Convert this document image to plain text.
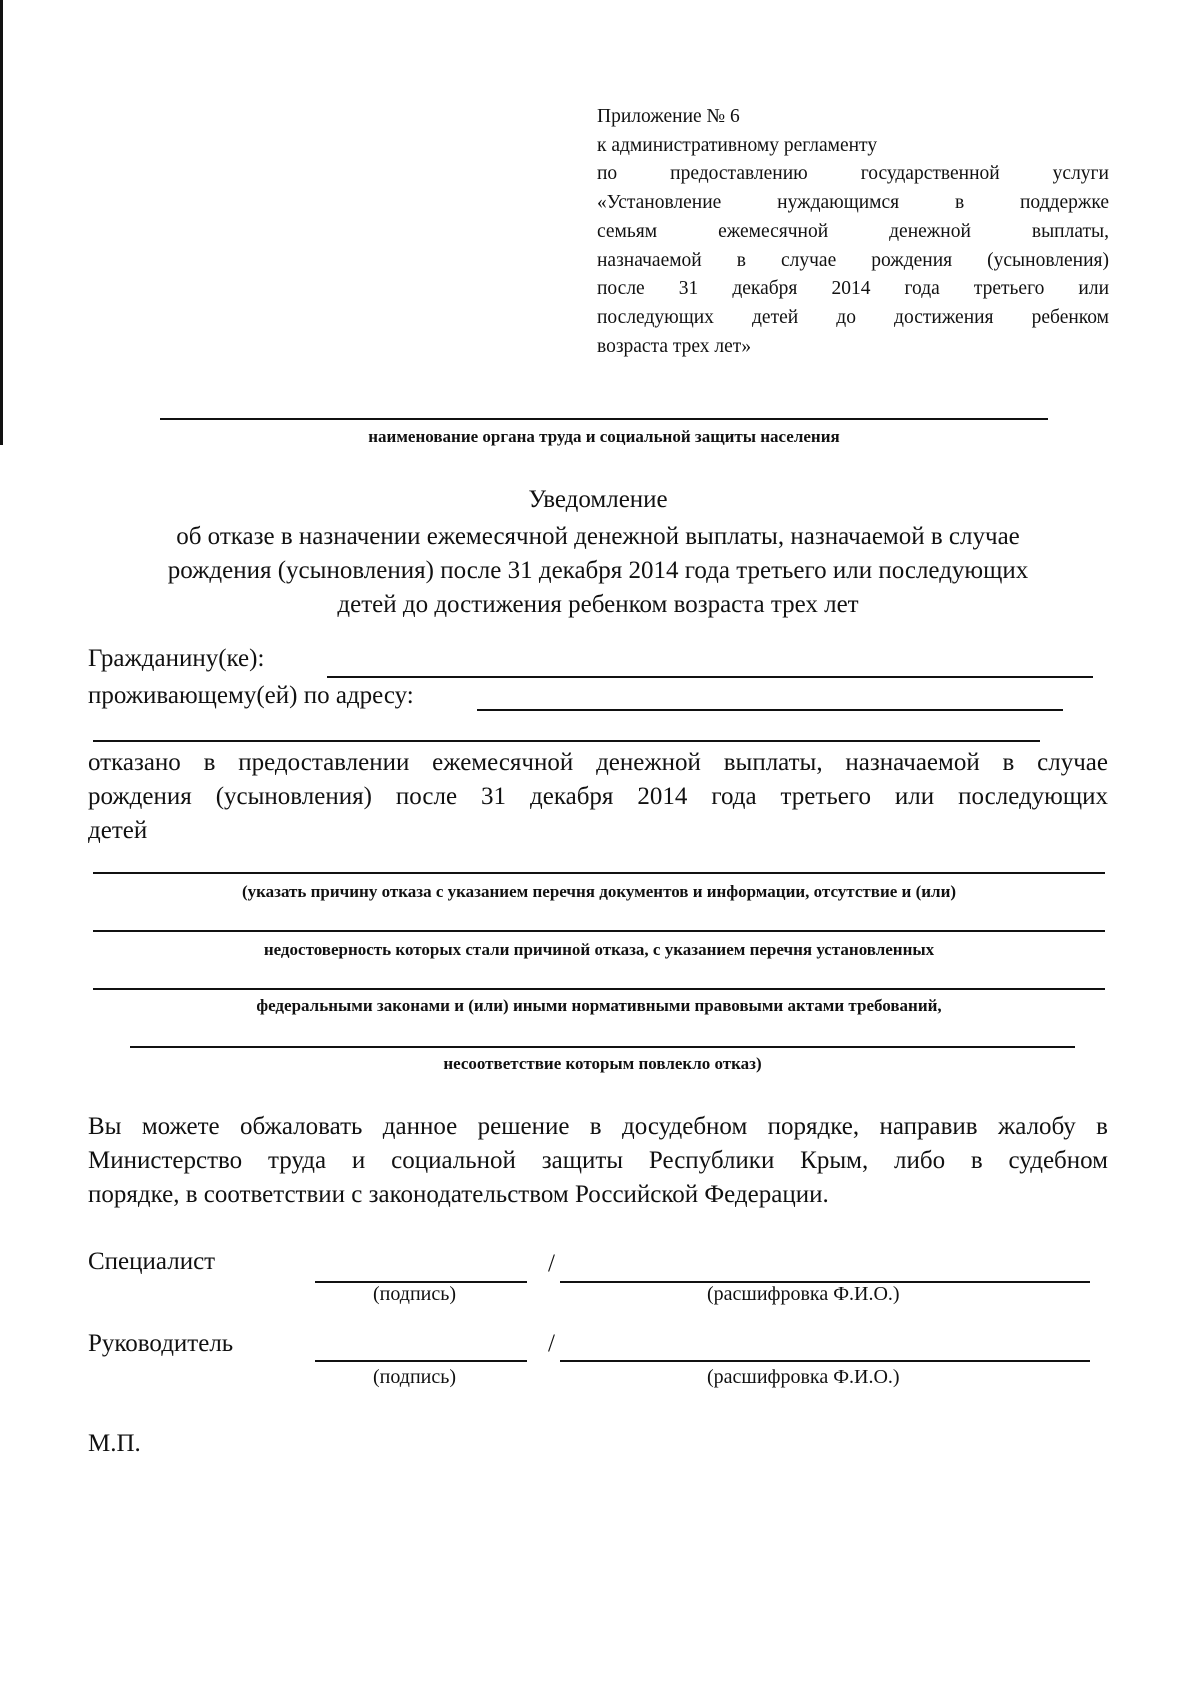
Приложение № 6
к административному регламенту
по предоставлению государственной услуги
«Установление нуждающимся в поддержке
семьям ежемесячной денежной выплаты,
назначаемой в случае рождения (усыновления)
после 31 декабря 2014 года третьего или
последующих детей до достижения ребенком
возраста трех лет»
наименование органа труда и социальной защиты населения
Уведомление
об отказе в назначении ежемесячной денежной выплаты, назначаемой в случае
рождения (усыновления) после 31 декабря 2014 года третьего или последующих
детей до достижения ребенком возраста трех лет
Гражданину(ке):
проживающему(ей) по адресу:
отказано в предоставлении ежемесячной денежной выплаты, назначаемой в случае
рождения (усыновления) после 31 декабря 2014 года третьего или последующих
детей
(указать причину отказа с указанием перечня документов и информации, отсутствие и (или)
недостоверность которых стали причиной отказа, с указанием перечня установленных
федеральными законами и (или) иными нормативными правовыми актами требований,
несоответствие которым повлекло отказ)
Вы можете обжаловать данное решение в досудебном порядке, направив жалобу в
Министерство труда и социальной защиты Республики Крым, либо в судебном
порядке, в соответствии с законодательством Российской Федерации.
Специалист	/
(подпись)	(расшифровка Ф.И.О.)
Руководитель	/
(подпись)	(расшифровка Ф.И.О.)
М.П.
